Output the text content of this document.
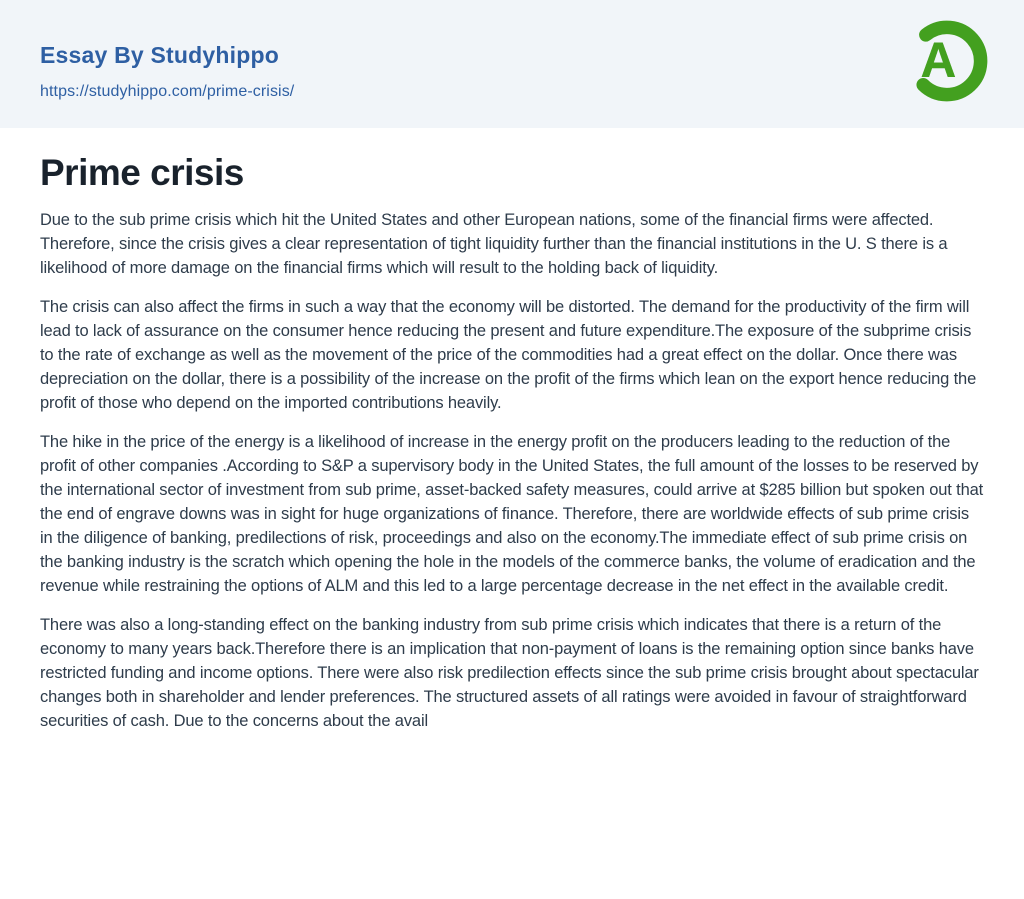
Essay By Studyhippo
https://studyhippo.com/prime-crisis/
A
Prime crisis

Due to the sub prime crisis which hit the United States and other European nations, some of the financial firms were affected. Therefore, since the crisis gives a clear representation of tight liquidity further than the financial institutions in the U. S there is a likelihood of more damage on the financial firms which will result to the holding back of liquidity.

The crisis can also affect the firms in such a way that the economy will be distorted. The demand for the productivity of the firm will lead to lack of assurance on the consumer hence reducing the present and future expenditure.The exposure of the subprime crisis to the rate of exchange as well as the movement of the price of the commodities had a great effect on the dollar. Once there was depreciation on the dollar, there is a possibility of the increase on the profit of the firms which lean on the export hence reducing the profit of those who depend on the imported contributions heavily.

The hike in the price of the energy is a likelihood of increase in the energy profit on the producers leading to the reduction of the profit of other companies .According to S&P a supervisory body in the United States, the full amount of the losses to be reserved by the international sector of investment from sub prime, asset-backed safety measures, could arrive at $285 billion but spoken out that the end of engrave downs was in sight for huge organizations of finance. Therefore, there are worldwide effects of sub prime crisis in the diligence of banking, predilections of risk, proceedings and also on the economy.The immediate effect of sub prime crisis on the banking industry is the scratch which opening the hole in the models of the commerce banks, the volume of eradication and the revenue while restraining the options of ALM and this led to a large percentage decrease in the net effect in the available credit.

There was also a long-standing effect on the banking industry from sub prime crisis which indicates that there is a return of the economy to many years back.Therefore there is an implication that non-payment of loans is the remaining option since banks have restricted funding and income options. There were also risk predilection effects since the sub prime crisis brought about spectacular changes both in shareholder and lender preferences. The structured assets of all ratings were avoided in favour of straightforward securities of cash. Due to the concerns about the avail
